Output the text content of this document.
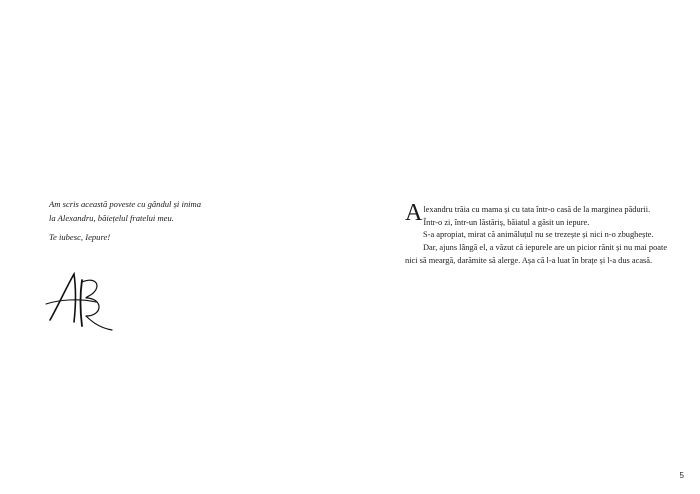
Am scris această poveste cu gândul și inima

la Alexandru, băiețelul fratelui meu.

Te iubesc, Iepure!

Alexandru trăia cu mama și cu tata într-o casă de la marginea pădurii.

Într-o zi, într-un lăstăriș, băiatul a găsit un iepure.

S-a apropiat, mirat că animăluțul nu se trezește și nici n-o zbughește.

Dar, ajuns lângă el, a văzut că iepurele are un picior rănit și nu mai poate nici să meargă, darămite să alerge. Așa că l-a luat în brațe și l-a dus acasă.

5
